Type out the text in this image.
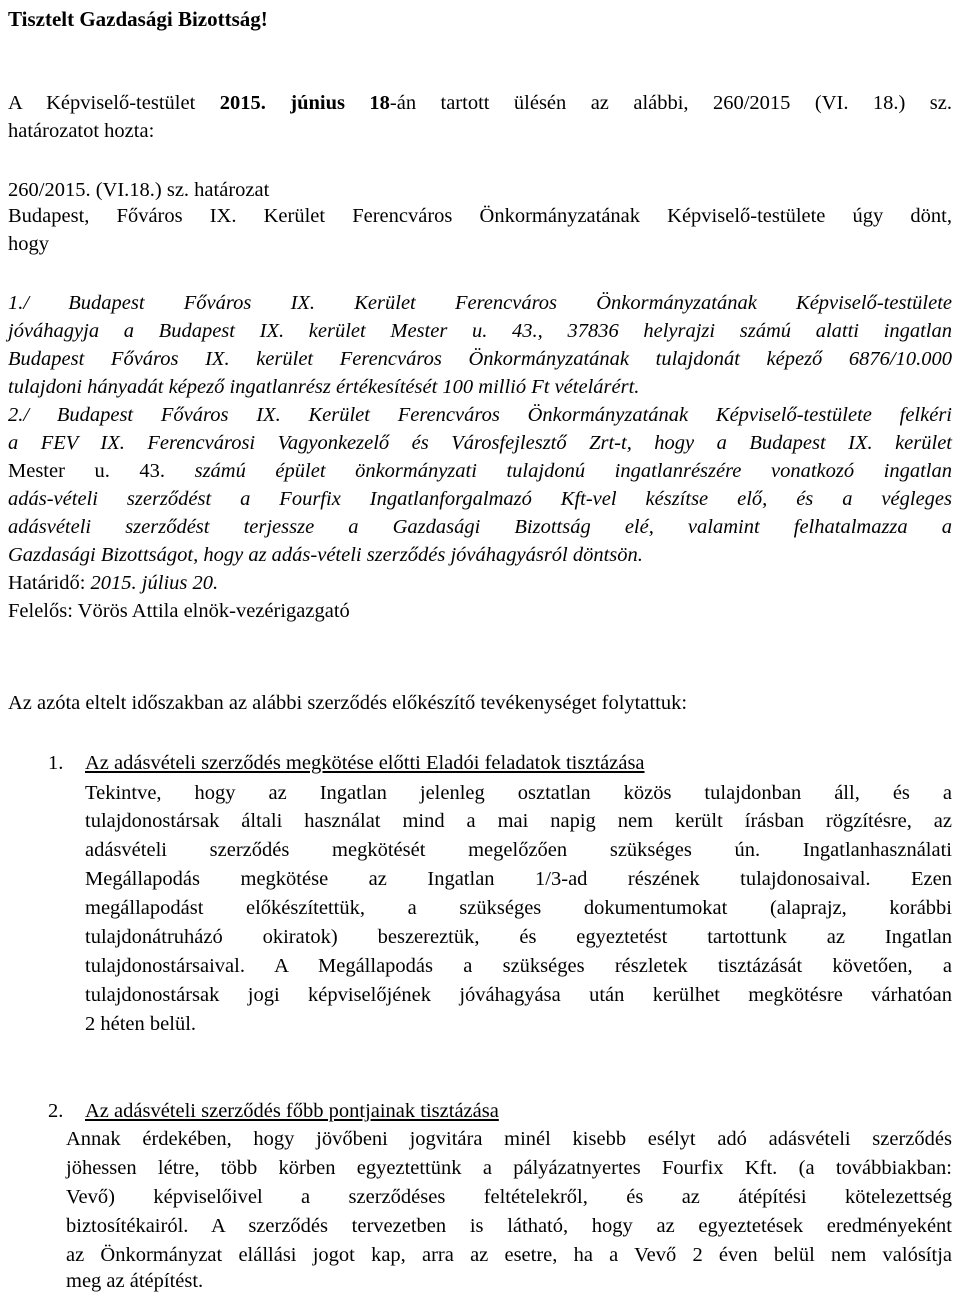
Tisztelt Gazdasági Bizottság!
A Képviselő-testület 2015. június 18-án tartott ülésén az alábbi, 260/2015 (VI. 18.) sz.
határozatot hozta:
260/2015. (VI.18.) sz. határozat
Budapest, Főváros IX. Kerület Ferencváros Önkormányzatának Képviselő-testülete úgy dönt,
hogy
1./ Budapest Főváros IX. Kerület Ferencváros Önkormányzatának Képviselő-testülete
jóváhagyja a Budapest IX. kerület Mester u. 43., 37836 helyrajzi számú alatti ingatlan
Budapest Főváros IX. kerület Ferencváros Önkormányzatának tulajdonát képező 6876/10.000
tulajdoni hányadát képező ingatlanrész értékesítését 100 millió Ft vételárért.
2./ Budapest Főváros IX. Kerület Ferencváros Önkormányzatának Képviselő-testülete felkéri
a FEV IX. Ferencvárosi Vagyonkezelő és Városfejlesztő Zrt-t, hogy a Budapest IX. kerület
Mester u. 43. számú épület önkormányzati tulajdonú ingatlanrészére vonatkozó ingatlan
adás-vételi szerződést a Fourfix Ingatlanforgalmazó Kft-vel készítse elő, és a végleges
adásvételi szerződést terjessze a Gazdasági Bizottság elé, valamint felhatalmazza a
Gazdasági Bizottságot, hogy az adás-vételi szerződés jóváhagyásról döntsön.
Határidő: 2015. július 20.
Felelős: Vörös Attila elnök-vezérigazgató
Az azóta eltelt időszakban az alábbi szerződés előkészítő tevékenységet folytattuk:
1. Az adásvételi szerződés megkötése előtti Eladói feladatok tisztázása
Tekintve, hogy az Ingatlan jelenleg osztatlan közös tulajdonban áll, és a
tulajdonostársak általi használat mind a mai napig nem került írásban rögzítésre, az
adásvételi szerződés megkötését megelőzően szükséges ún. Ingatlanhasználati
Megállapodás megkötése az Ingatlan 1/3-ad részének tulajdonosaival. Ezen
megállapodást előkészítettük, a szükséges dokumentumokat (alaprajz, korábbi
tulajdonátruházó okiratok) beszereztük, és egyeztetést tartottunk az Ingatlan
tulajdonostársaival. A Megállapodás a szükséges részletek tisztázását követően, a
tulajdonostársak jogi képviselőjének jóváhagyása után kerülhet megkötésre várhatóan
2 héten belül.
2. Az adásvételi szerződés főbb pontjainak tisztázása
Annak érdekében, hogy jövőbeni jogvitára minél kisebb esélyt adó adásvételi szerződés
jöhessen létre, több körben egyeztettünk a pályázatnyertes Fourfix Kft. (a továbbiakban:
Vevő) képviselőivel a szerződéses feltételekről, és az átépítési kötelezettség
biztosítékairól. A szerződés tervezetben is látható, hogy az egyeztetések eredményeként
az Önkormányzat elállási jogot kap, arra az esetre, ha a Vevő 2 éven belül nem valósítja
meg az átépítést.
